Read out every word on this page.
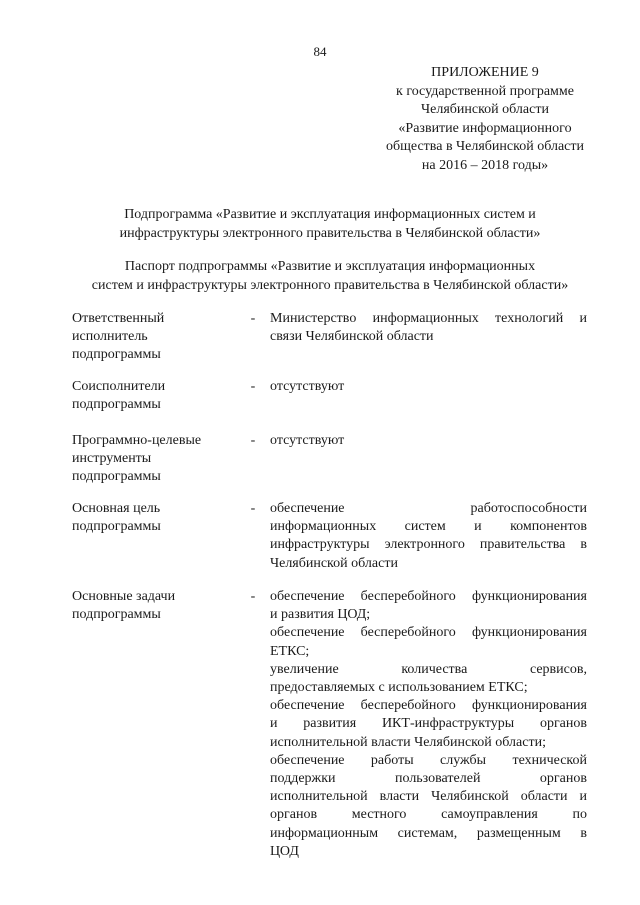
84
ПРИЛОЖЕНИЕ 9
к государственной программе
Челябинской области
«Развитие информационного
общества в Челябинской области
на 2016 – 2018 годы»
Подпрограмма «Развитие и эксплуатация информационных систем и
инфраструктуры электронного правительства в Челябинской области»
Паспорт подпрограммы «Развитие и эксплуатация информационных
систем и инфраструктуры электронного правительства в Челябинской области»
Ответственный
исполнитель
подпрограммы
- Министерство информационных технологий и
связи Челябинской области
Соисполнители
подпрограммы
- отсутствуют
Программно-целевые
инструменты
подпрограммы
- отсутствуют
Основная цель
подпрограммы
- обеспечение работоспособности
информационных систем и компонентов
инфраструктуры электронного правительства в
Челябинской области
Основные задачи
подпрограммы
- обеспечение бесперебойного функционирования
и развития ЦОД;
обеспечение бесперебойного функционирования
ЕТКС;
увеличение количества сервисов,
предоставляемых с использованием ЕТКС;
обеспечение бесперебойного функционирования
и развития ИКТ-инфраструктуры органов
исполнительной власти Челябинской области;
обеспечение работы службы технической
поддержки пользователей органов
исполнительной власти Челябинской области и
органов местного самоуправления по
информационным системам, размещенным в
ЦОД
